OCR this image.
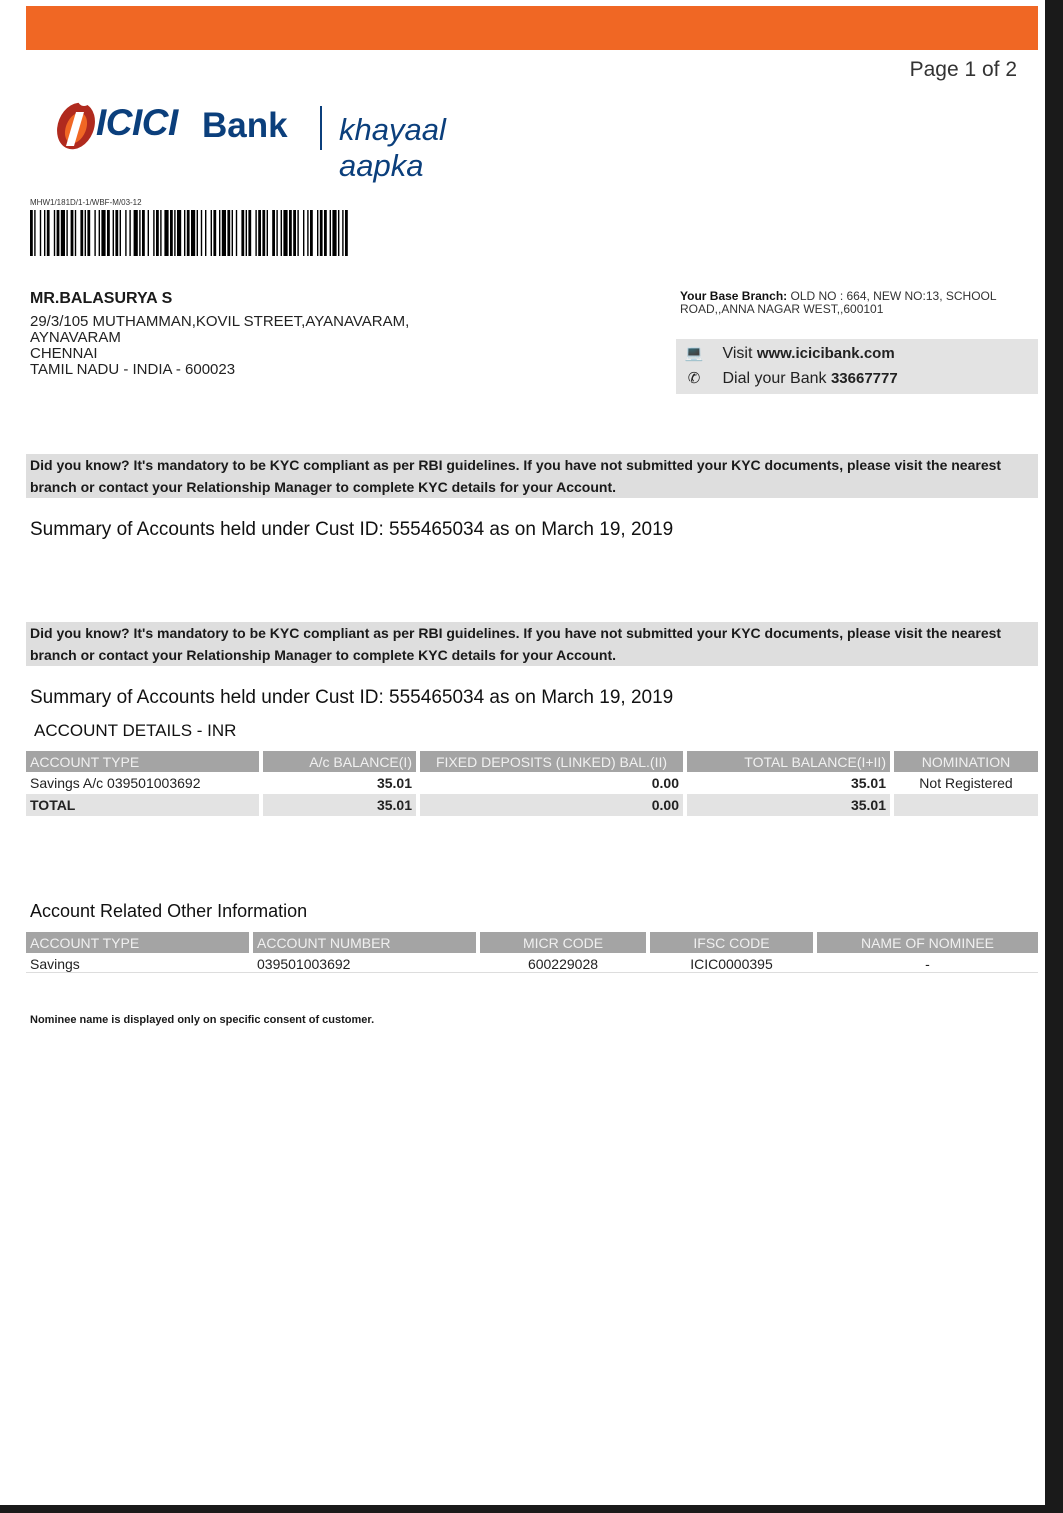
Page 1 of 2
ICICI Bank khayaal aapka
MHW1/181D/1-1/WBF-M/03-12
MR.BALASURYA S
29/3/105 MUTHAMMAN,KOVIL STREET,AYANAVARAM,
AYNAVARAM
CHENNAI
TAMIL NADU - INDIA - 600023
Your Base Branch: OLD NO : 664, NEW NO:13, SCHOOL ROAD,,ANNA NAGAR WEST,,600101
💻 Visit www.icicibank.com
✆ Dial your Bank 33667777
Did you know? It's mandatory to be KYC compliant as per RBI guidelines. If you have not submitted your KYC documents, please visit the nearest branch or contact your Relationship Manager to complete KYC details for your Account.
Summary of Accounts held under Cust ID: 555465034 as on March 19, 2019
Did you know? It's mandatory to be KYC compliant as per RBI guidelines. If you have not submitted your KYC documents, please visit the nearest branch or contact your Relationship Manager to complete KYC details for your Account.
Summary of Accounts held under Cust ID: 555465034 as on March 19, 2019
ACCOUNT DETAILS - INR
ACCOUNT TYPE	A/c BALANCE(I)	FIXED DEPOSITS (LINKED) BAL.(II)	TOTAL BALANCE(I+II)	NOMINATION
Savings A/c 039501003692	35.01	0.00	35.01	Not Registered
TOTAL	35.01	0.00	35.01	
Account Related Other Information
ACCOUNT TYPE	ACCOUNT NUMBER	MICR CODE	IFSC CODE	NAME OF NOMINEE
Savings	039501003692	600229028	ICIC0000395	-
Nominee name is displayed only on specific consent of customer.
